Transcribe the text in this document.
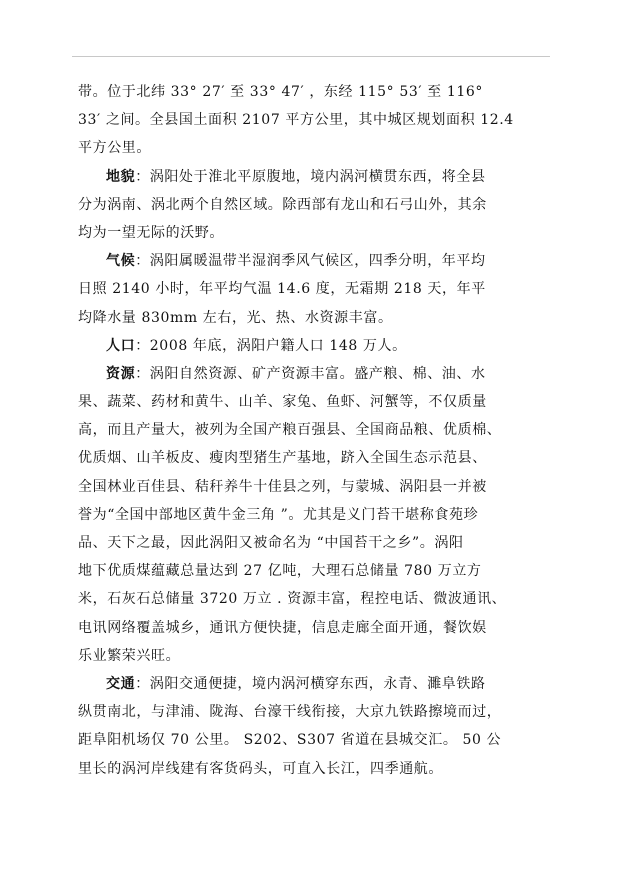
带。位于北纬 33° 27′ 至 33° 47′ ，东经 115° 53′ 至 116°
33′ 之间。全县国土面积 2107 平方公里，其中城区规划面积 12.4
平方公里。
地貌：涡阳处于淮北平原腹地，境内涡河横贯东西，将全县
分为涡南、涡北两个自然区域。除西部有龙山和石弓山外，其余
均为一望无际的沃野。
气候：涡阳属暖温带半湿润季风气候区，四季分明，年平均
日照 2140 小时，年平均气温 14.6 度，无霜期 218 天，年平
均降水量 830mm 左右，光、热、水资源丰富。
人口：2008 年底，涡阳户籍人口 148 万人。
资源：涡阳自然资源、矿产资源丰富。盛产粮、棉、油、水
果、蔬菜、药材和黄牛、山羊、家兔、鱼虾、河蟹等，不仅质量
高，而且产量大，被列为全国产粮百强县、全国商品粮、优质棉、
优质烟、山羊板皮、瘦肉型猪生产基地，跻入全国生态示范县、
全国林业百佳县、秸秆养牛十佳县之列，与蒙城、涡阳县一并被
誉为“全国中部地区黄牛金三角 ”。尤其是义门苔干堪称食苑珍
品、天下之最，因此涡阳又被命名为 “中国苔干之乡”。涡阳
地下优质煤蕴藏总量达到 27 亿吨，大理石总储量 780 万立方
米，石灰石总储量 3720 万立 . 资源丰富，程控电话、微波通讯、
电讯网络覆盖城乡，通讯方便快捷，信息走廊全面开通，餐饮娱
乐业繁荣兴旺。
交通：涡阳交通便捷，境内涡河横穿东西，永青、濉阜铁路
纵贯南北，与津浦、陇海、台濠干线衔接，大京九铁路擦境而过，
距阜阳机场仅 70 公里。 S202、S307 省道在县城交汇。 50 公
里长的涡河岸线建有客货码头，可直入长江，四季通航。
